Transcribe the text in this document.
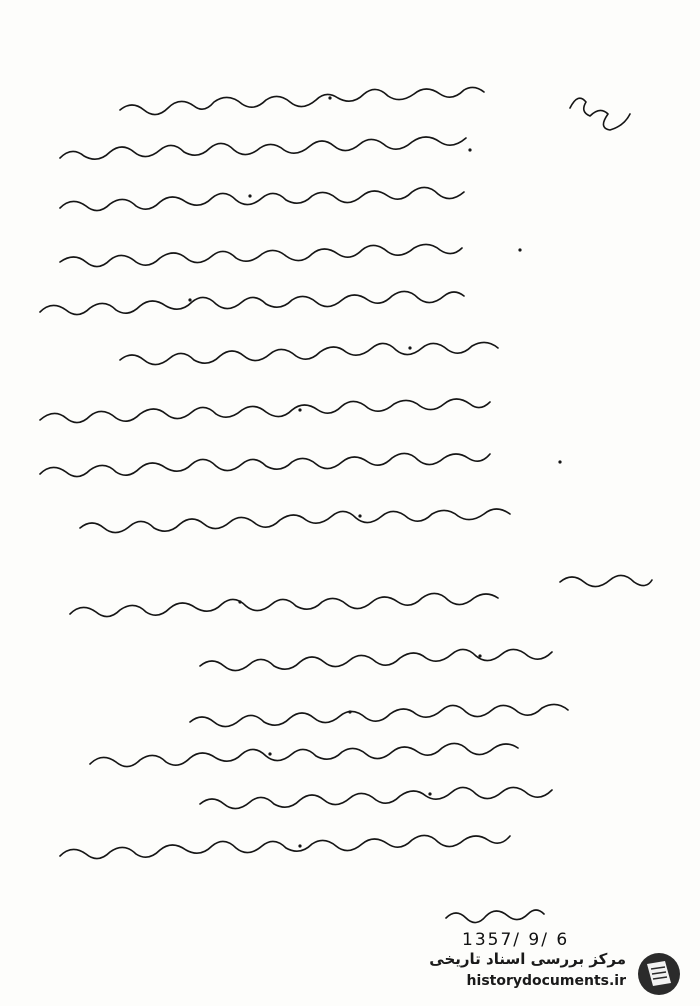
1357/ 9/ 6
مرکز بررسی اسناد تاریخی
historydocuments.ir
